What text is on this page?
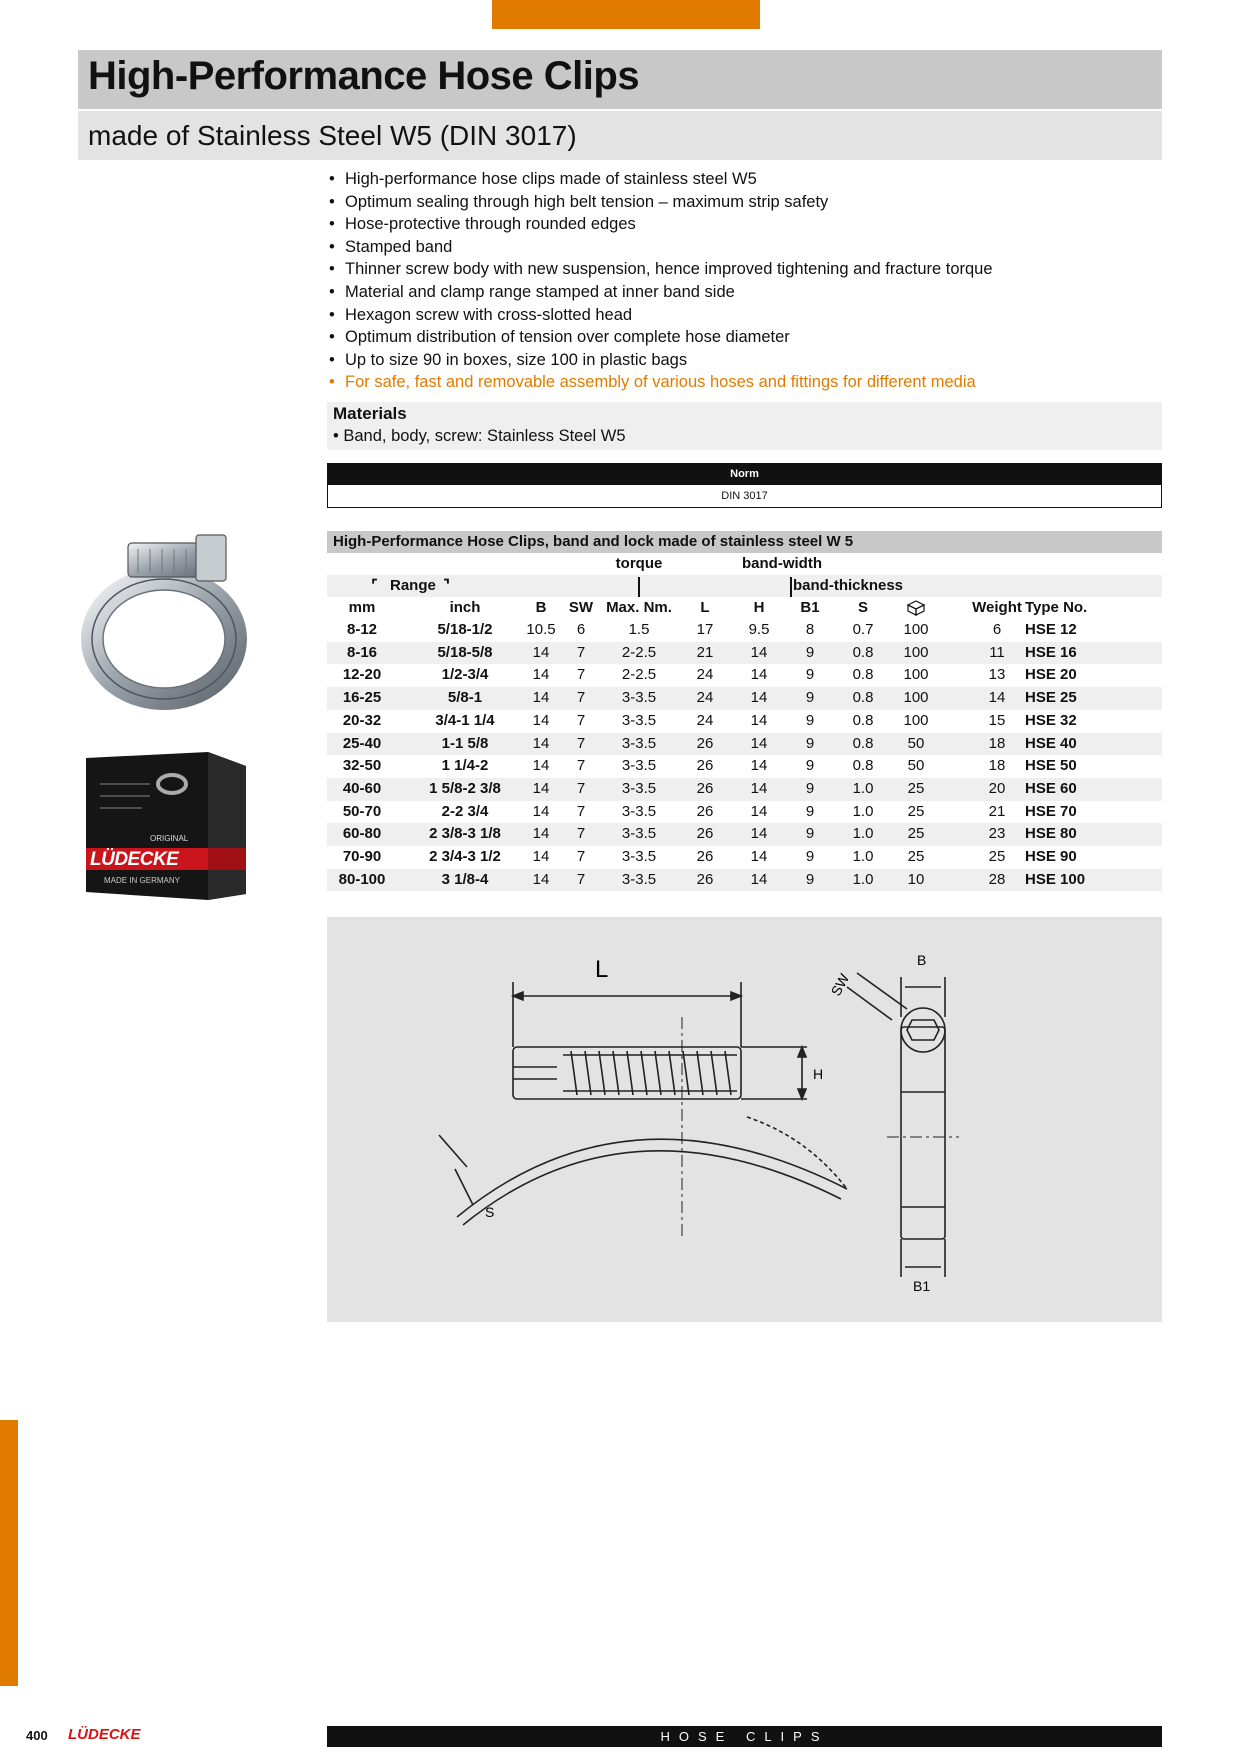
High-Performance Hose Clips
made of Stainless Steel W5 (DIN 3017)
• High-performance hose clips made of stainless steel W5
• Optimum sealing through high belt tension – maximum strip safety
• Hose-protective through rounded edges
• Stamped band
• Thinner screw body with new suspension, hence improved tightening and fracture torque
• Material and clamp range stamped at inner band side
• Hexagon screw with cross-slotted head
• Optimum distribution of tension over complete hose diameter
• Up to size 90 in boxes, size 100 in plastic bags
• For safe, fast and removable assembly of various hoses and fittings for different media
Materials
• Band, body, screw: Stainless Steel W5
Norm
DIN 3017
ORIGINAL
LÜDECKE
MADE IN GERMANY
High-Performance Hose Clips, band and lock made of stainless steel W 5
torque	band-width
⌜ Range ⌝	band-thickness
mm	inch	B	SW Max. Nm.	L	H	B1	S	Weight Type No.
8-12	5/18-1/2	10.5	6	1.5	17	9.5	8	0.7	100	6	HSE 12
8-16	5/18-5/8	14	7	2-2.5	21	14	9	0.8	100	11	HSE 16
12-20	1/2-3/4	14	7	2-2.5	24	14	9	0.8	100	13	HSE 20
16-25	5/8-1	14	7	3-3.5	24	14	9	0.8	100	14	HSE 25
20-32	3/4-1 1/4	14	7	3-3.5	24	14	9	0.8	100	15	HSE 32
25-40	1-1 5/8	14	7	3-3.5	26	14	9	0.8	50	18	HSE 40
32-50	1 1/4-2	14	7	3-3.5	26	14	9	0.8	50	18	HSE 50
40-60	1 5/8-2 3/8	14	7	3-3.5	26	14	9	1.0	25	20	HSE 60
50-70	2-2 3/4	14	7	3-3.5	26	14	9	1.0	25	21	HSE 70
60-80	2 3/8-3 1/8	14	7	3-3.5	26	14	9	1.0	25	23	HSE 80
70-90	2 3/4-3 1/2	14	7	3-3.5	26	14	9	1.0	25	25	HSE 90
80-100	3 1/8-4	14	7	3-3.5	26	14	9	1.0	10	28	HSE 100
L
H
S
SW
B
B1
400 LÜDECKE	HOSE CLIPS
